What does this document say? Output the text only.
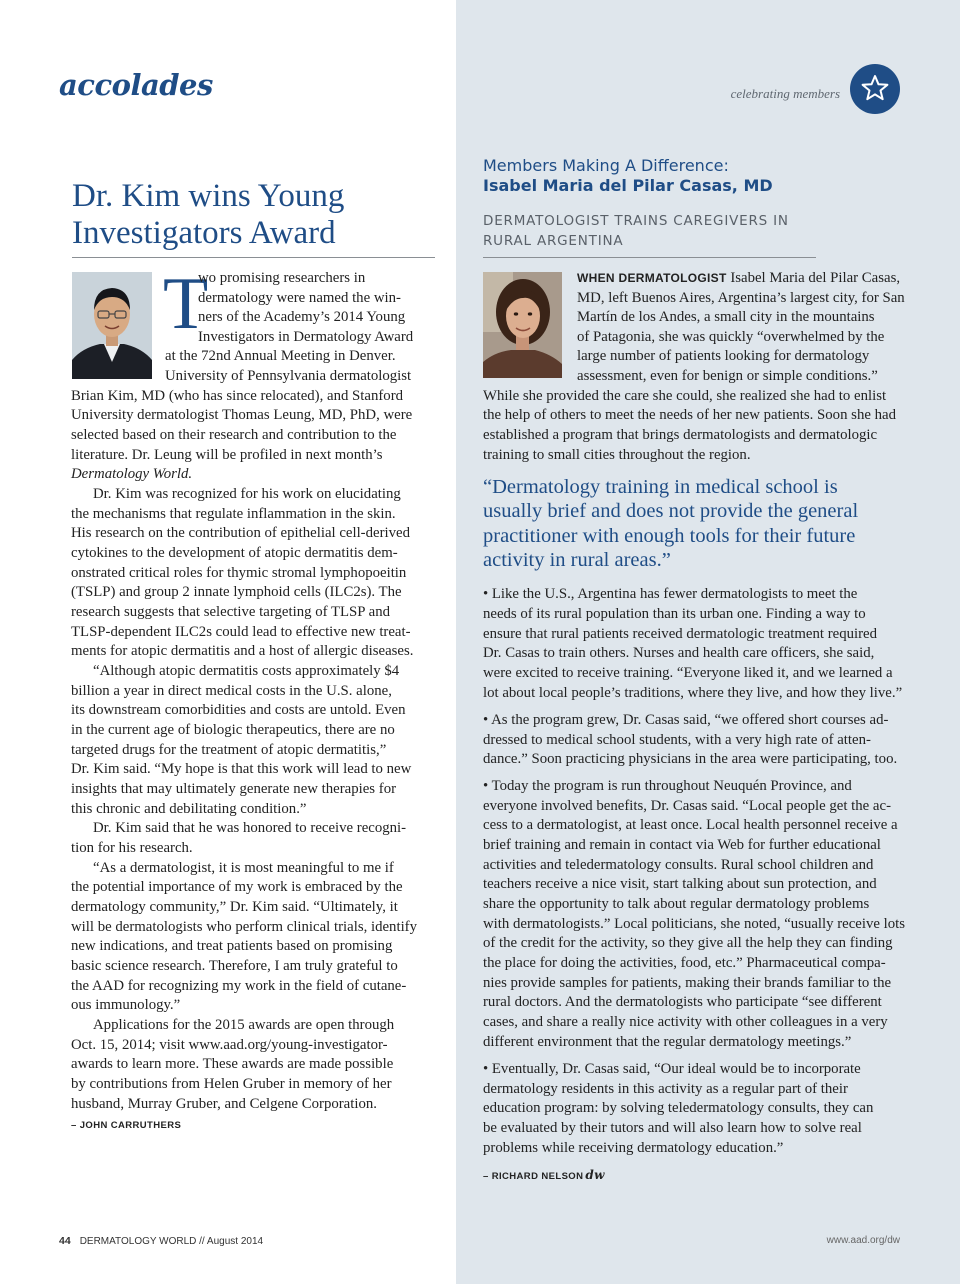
accolades	celebrating members
Dr. Kim wins Young Investigators Award
T
wo promising researchers in
dermatology were named the win-
ners of the Academy’s 2014 Young
Investigators in Dermatology Award
at the 72nd Annual Meeting in Denver.
University of Pennsylvania dermatologist
Brian Kim, MD (who has since relocated), and Stanford
University dermatologist Thomas Leung, MD, PhD, were
selected based on their research and contribution to the
literature. Dr. Leung will be profiled in next month’s
Dermatology World.
Dr. Kim was recognized for his work on elucidating
the mechanisms that regulate inflammation in the skin.
His research on the contribution of epithelial cell-derived
cytokines to the development of atopic dermatitis dem-
onstrated critical roles for thymic stromal lymphopoeitin
(TSLP) and group 2 innate lymphoid cells (ILC2s). The
research suggests that selective targeting of TLSP and
TLSP-dependent ILC2s could lead to effective new treat-
ments for atopic dermatitis and a host of allergic diseases.
“Although atopic dermatitis costs approximately $4
billion a year in direct medical costs in the U.S. alone,
its downstream comorbidities and costs are untold. Even
in the current age of biologic therapeutics, there are no
targeted drugs for the treatment of atopic dermatitis,”
Dr. Kim said. “My hope is that this work will lead to new
insights that may ultimately generate new therapies for
this chronic and debilitating condition.”
Dr. Kim said that he was honored to receive recogni-
tion for his research.
“As a dermatologist, it is most meaningful to me if
the potential importance of my work is embraced by the
dermatology community,” Dr. Kim said. “Ultimately, it
will be dermatologists who perform clinical trials, identify
new indications, and treat patients based on promising
basic science research. Therefore, I am truly grateful to
the AAD for recognizing my work in the field of cutane-
ous immunology.”
Applications for the 2015 awards are open through
Oct. 15, 2014; visit www.aad.org/young-investigator-
awards to learn more. These awards are made possible
by contributions from Helen Gruber in memory of her
husband, Murray Gruber, and Celgene Corporation.
– JOHN CARRUTHERS
Members Making A Difference:
Isabel Maria del Pilar Casas, MD
DERMATOLOGIST TRAINS CAREGIVERS IN RURAL ARGENTINA
WHEN DERMATOLOGIST Isabel Maria del Pilar Casas,
MD, left Buenos Aires, Argentina’s largest city, for San
Martín de los Andes, a small city in the mountains
of Patagonia, she was quickly “overwhelmed by the
large number of patients looking for dermatology
assessment, even for benign or simple conditions.”
While she provided the care she could, she realized she had to enlist
the help of others to meet the needs of her new patients. Soon she had
established a program that brings dermatologists and dermatologic
training to small cities throughout the region.
“Dermatology training in medical school is
usually brief and does not provide the general
practitioner with enough tools for their future
activity in rural areas.”
• Like the U.S., Argentina has fewer dermatologists to meet the
needs of its rural population than its urban one. Finding a way to
ensure that rural patients received dermatologic treatment required
Dr. Casas to train others. Nurses and health care officers, she said,
were excited to receive training. “Everyone liked it, and we learned a
lot about local people’s traditions, where they live, and how they live.”
• As the program grew, Dr. Casas said, “we offered short courses ad-
dressed to medical school students, with a very high rate of atten-
dance.” Soon practicing physicians in the area were participating, too.
• Today the program is run throughout Neuquén Province, and
everyone involved benefits, Dr. Casas said. “Local people get the ac-
cess to a dermatologist, at least once. Local health personnel receive a
brief training and remain in contact via Web for further educational
activities and teledermatology consults. Rural school children and
teachers receive a nice visit, start talking about sun protection, and
share the opportunity to talk about regular dermatology problems
with dermatologists.” Local politicians, she noted, “usually receive lots
of the credit for the activity, so they give all the help they can finding
the place for doing the activities, food, etc.” Pharmaceutical compa-
nies provide samples for patients, making their brands familiar to the
rural doctors. And the dermatologists who participate “see different
cases, and share a really nice activity with other colleagues in a very
different environment that the regular dermatology meetings.”
• Eventually, Dr. Casas said, “Our ideal would be to incorporate
dermatology residents in this activity as a regular part of their
education program: by solving teledermatology consults, they can
be evaluated by their tutors and will also learn how to solve real
problems while receiving dermatology education.”
– RICHARD NELSON dw
44 DERMATOLOGY WORLD // August 2014	www.aad.org/dw
